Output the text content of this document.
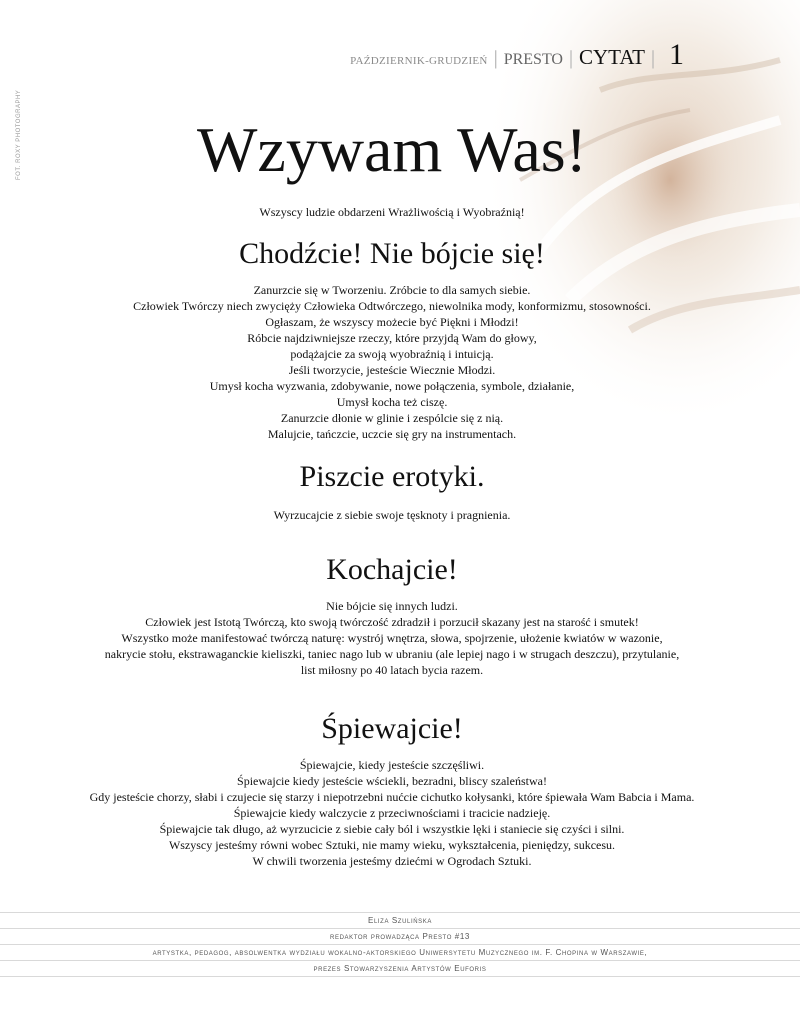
FOT. ROXY PHOTOGRAPHY
PAŹDZIERNIK-GRUDZIEŃ | PRESTO | CYTAT | 1
Wzywam Was!

Wszyscy ludzie obdarzeni Wrażliwością i Wyobraźnią!

Chodźcie! Nie bójcie się!

Zanurzcie się w Tworzeniu. Zróbcie to dla samych siebie.

Człowiek Twórczy niech zwycięży Człowieka Odtwórczego, niewolnika mody, konformizmu, stosowności.

Ogłaszam, że wszyscy możecie być Piękni i Młodzi!

Róbcie najdziwniejsze rzeczy, które przyjdą Wam do głowy,

podążajcie za swoją wyobraźnią i intuicją.

Jeśli tworzycie, jesteście Wiecznie Młodzi.

Umysł kocha wyzwania, zdobywanie, nowe połączenia, symbole, działanie,

Umysł kocha też ciszę.

Zanurzcie dłonie w glinie i zespólcie się z nią.

Malujcie, tańczcie, uczcie się gry na instrumentach.

Piszcie erotyki.

Wyrzucajcie z siebie swoje tęsknoty i pragnienia.

Kochajcie!

Nie bójcie się innych ludzi.

Człowiek jest Istotą Twórczą, kto swoją twórczość zdradził i porzucił skazany jest na starość i smutek!

Wszystko może manifestować twórczą naturę: wystrój wnętrza, słowa, spojrzenie, ułożenie kwiatów w wazonie, nakrycie stołu, ekstrawaganckie kieliszki, taniec nago lub w ubraniu (ale lepiej nago i w strugach deszczu), przytulanie, list miłosny po 40 latach bycia razem.

Śpiewajcie!

Śpiewajcie, kiedy jesteście szczęśliwi.

Śpiewajcie kiedy jesteście wściekli, bezradni, bliscy szaleństwa!

Gdy jesteście chorzy, słabi i czujecie się starzy i niepotrzebni nućcie cichutko kołysanki, które śpiewała Wam Babcia i Mama.

Śpiewajcie kiedy walczycie z przeciwnościami i tracicie nadzieję.

Śpiewajcie tak długo, aż wyrzucicie z siebie cały ból i wszystkie lęki i staniecie się czyści i silni.

Wszyscy jesteśmy równi wobec Sztuki, nie mamy wieku, wykształcenia, pieniędzy, sukcesu.

W chwili tworzenia jesteśmy dziećmi w Ogrodach Sztuki.

Eliza Szulińska
redaktor prowadząca Presto #13
artystka, pedagog, absolwentka wydziału wokalno-aktorskiego Uniwersytetu Muzycznego im. F. Chopina w Warszawie,
prezes Stowarzyszenia Artystów Euforis
